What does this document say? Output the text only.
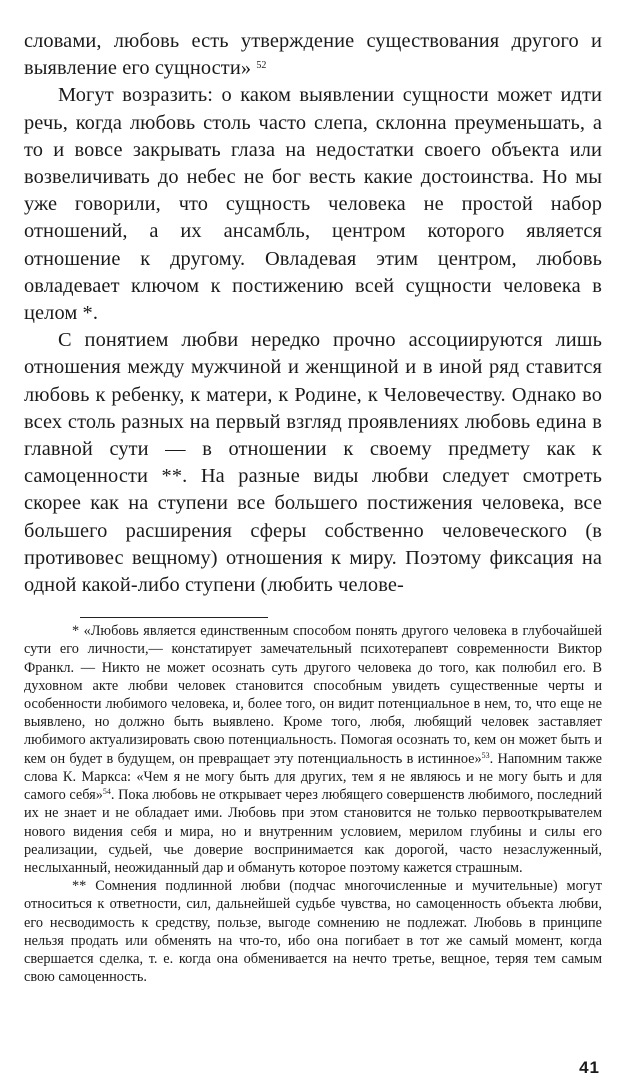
словами, любовь есть утверждение существования другого и выявление его сущности» $^{52}$

Могут возразить: о каком выявлении сущности может идти речь, когда любовь столь часто слепа, склонна преуменьшать, а то и вовсе закрывать глаза на недостатки своего объекта или возвеличивать до небес не бог весть какие достоинства. Но мы уже говорили, что сущность человека не простой набор отношений, а их ансамбль, центром которого является отношение к другому. Овладевая этим центром, любовь овладевает ключом к постижению всей сущности человека в целом *.

С понятием любви нередко прочно ассоциируются лишь отношения между мужчиной и женщиной и в иной ряд ставится любовь к ребенку, к матери, к Родине, к Человечеству. Однако во всех столь разных на первый взгляд проявлениях любовь едина в главной сути — в отношении к своему предмету как к самоценности **. На разные виды любви следует смотреть скорее как на ступени все большего постижения человека, все большего расширения сферы собственно человеческого (в противовес вещному) отношения к миру. Поэтому фиксация на одной какой-либо ступени (любить челове-

* «Любовь является единственным способом понять другого человека в глубочайшей сути его личности,— констатирует замечательный психотерапевт современности Виктор Франкл. — Никто не может осознать суть другого человека до того, как полюбил его. В духовном акте любви человек становится способным увидеть существенные черты и особенности любимого человека, и, более того, он видит потенциальное в нем, то, что еще не выявлено, но должно быть выявлено. Кроме того, любя, любящий человек заставляет любимого актуализировать свою потенциальность. Помогая осознать то, кем он может быть и кем он будет в будущем, он превращает эту потенциальность в истинное»$^{53}$. Напомним также слова К. Маркса: «Чем я не могу быть для других, тем я не являюсь и не могу быть и для самого себя»$^{54}$. Пока любовь не открывает через любящего совершенств любимого, последний их не знает и не обладает ими. Любовь при этом становится не только первооткрывателем нового видения себя и мира, но и внутренним условием, мерилом глубины и силы его реализации, судьей, чье доверие воспринимается как дорогой, часто незаслуженный, неслыханный, неожиданный дар и обмануть которое поэтому кажется страшным.

** Сомнения подлинной любви (подчас многочисленные и мучительные) могут относиться к ответности, сил, дальнейшей судьбе чувства, но самоценность объекта любви, его несводимость к средству, пользе, выгоде сомнению не подлежат. Любовь в принципе нельзя продать или обменять на что-то, ибо она погибает в тот же самый момент, когда свершается сделка, т. е. когда она обменивается на нечто третье, вещное, теряя тем самым свою самоценность.

41
